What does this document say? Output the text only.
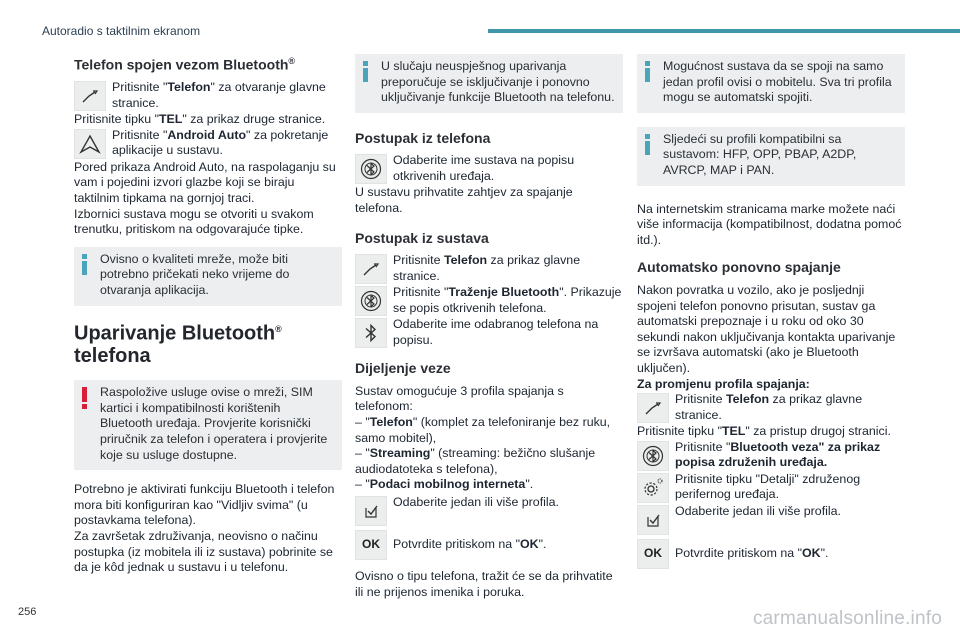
Autoradio s taktilnim ekranom
Telefon spojen vezom Bluetooth®
Pritisnite "Telefon" za otvaranje glavne stranice.
Pritisnite tipku "TEL" za prikaz druge stranice.
Pritisnite "Android Auto" za pokretanje aplikacije u sustavu.
Pored prikaza Android Auto, na raspolaganju su vam i pojedini izvori glazbe koji se biraju taktilnim tipkama na gornjoj traci.
Izbornici sustava mogu se otvoriti u svakom trenutku, pritiskom na odgovarajuće tipke.
Ovisno o kvaliteti mreže, može biti potrebno pričekati neko vrijeme do otvaranja aplikacija.
Uparivanje Bluetooth®
telefona
Raspoložive usluge ovise o mreži, SIM kartici i kompatibilnosti korištenih Bluetooth uređaja. Provjerite korisnički priručnik za telefon i operatera i provjerite koje su usluge dostupne.
Potrebno je aktivirati funkciju Bluetooth i telefon mora biti konfiguriran kao "Vidljiv svima" (u postavkama telefona).
Za završetak združivanja, neovisno o načinu postupka (iz mobitela ili iz sustava) pobrinite se da je kôd jednak u sustavu i u telefonu.
U slučaju neuspješnog uparivanja preporučuje se isključivanje i ponovno uključivanje funkcije Bluetooth na telefonu.
Postupak iz telefona
Odaberite ime sustava na popisu otkrivenih uređaja.
U sustavu prihvatite zahtjev za spajanje telefona.
Postupak iz sustava
Pritisnite Telefon za prikaz glavne stranice.
Pritisnite "Traženje Bluetooth". Prikazuje se popis otkrivenih telefona.
Odaberite ime odabranog telefona na popisu.
Dijeljenje veze
Sustav omogućuje 3 profila spajanja s telefonom:
– "Telefon" (komplet za telefoniranje bez ruku, samo mobitel),
– "Streaming" (streaming: bežično slušanje audiodatoteka s telefona),
– "Podaci mobilnog interneta".
Odaberite jedan ili više profila.
OK	Potvrdite pritiskom na "OK".
Ovisno o tipu telefona, tražit će se da prihvatite ili ne prijenos imenika i poruka.
Mogućnost sustava da se spoji na samo jedan profil ovisi o mobitelu. Sva tri profila mogu se automatski spojiti.
Sljedeći su profili kompatibilni sa sustavom: HFP, OPP, PBAP, A2DP, AVRCP, MAP i PAN.
Na internetskim stranicama marke možete naći više informacija (kompatibilnost, dodatna pomoć itd.).
Automatsko ponovno spajanje
Nakon povratka u vozilo, ako je posljednji spojeni telefon ponovno prisutan, sustav ga automatski prepoznaje i u roku od oko 30 sekundi nakon uključivanja kontakta uparivanje se izvršava automatski (ako je Bluetooth uključen).
Za promjenu profila spajanja:
Pritisnite Telefon za prikaz glavne stranice.
Pritisnite tipku "TEL" za pristup drugoj stranici.
Pritisnite "Bluetooth veza" za prikaz popisa združenih uređaja.
Pritisnite tipku "Detalji" združenog perifernog uređaja.
Odaberite jedan ili više profila.
OK	Potvrdite pritiskom na "OK".
256	carmanualsonline.info
